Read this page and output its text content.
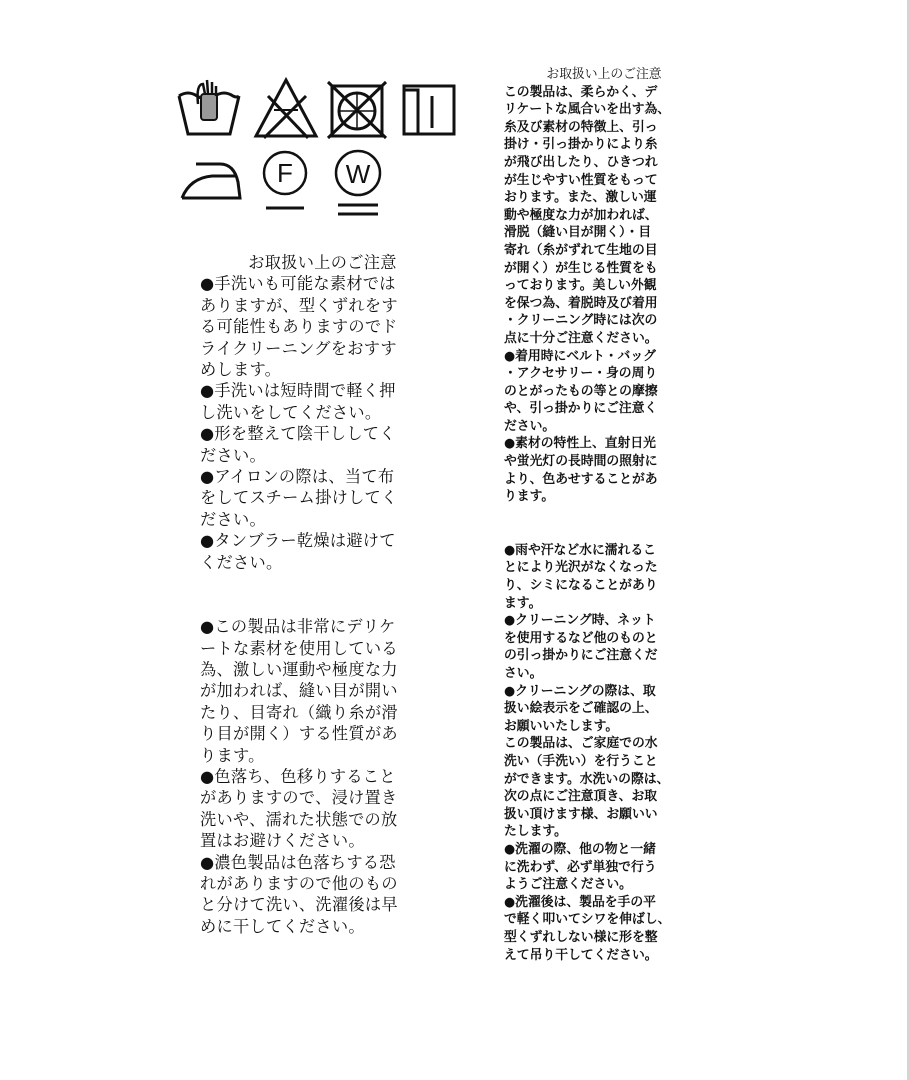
F W
お取扱い上のご注意
●手洗いも可能な素材では
ありますが、型くずれをす
る可能性もありますのでド
ライクリーニングをおすす
めします。
●手洗いは短時間で軽く押
し洗いをしてください。
●形を整えて陰干ししてく
ださい。
●アイロンの際は、当て布
をしてスチーム掛けしてく
ださい。
●タンブラー乾燥は避けて
ください。
●この製品は非常にデリケ
ートな素材を使用している
為、激しい運動や極度な力
が加われば、縫い目が開い
たり、目寄れ（織り糸が滑
り目が開く）する性質があ
ります。
●色落ち、色移りすること
がありますので、浸け置き
洗いや、濡れた状態での放
置はお避けください。
●濃色製品は色落ちする恐
れがありますので他のもの
と分けて洗い、洗濯後は早
めに干してください。
お取扱い上のご注意
この製品は、柔らかく、デ
リケートな風合いを出す為、
糸及び素材の特徴上、引っ
掛け・引っ掛かりにより糸
が飛び出したり、ひきつれ
が生じやすい性質をもって
おります。また、激しい運
動や極度な力が加われば、
滑脱（縫い目が開く）・目
寄れ（糸がずれて生地の目
が開く）が生じる性質をも
っております。美しい外観
を保つ為、着脱時及び着用
・クリーニング時には次の
点に十分ご注意ください。
●着用時にベルト・バッグ
・アクセサリー・身の周り
のとがったもの等との摩擦
や、引っ掛かりにご注意く
ださい。
●素材の特性上、直射日光
や蛍光灯の長時間の照射に
より、色あせすることがあ
ります。
●雨や汗など水に濡れるこ
とにより光沢がなくなった
り、シミになることがあり
ます。
●クリーニング時、ネット
を使用するなど他のものと
の引っ掛かりにご注意くだ
さい。
●クリーニングの際は、取
扱い絵表示をご確認の上、
お願いいたします。
この製品は、ご家庭での水
洗い（手洗い）を行うこと
ができます。水洗いの際は、
次の点にご注意頂き、お取
扱い頂けます様、お願いい
たします。
●洗濯の際、他の物と一緒
に洗わず、必ず単独で行う
ようご注意ください。
●洗濯後は、製品を手の平
で軽く叩いてシワを伸ばし、
型くずれしない様に形を整
えて吊り干してください。
